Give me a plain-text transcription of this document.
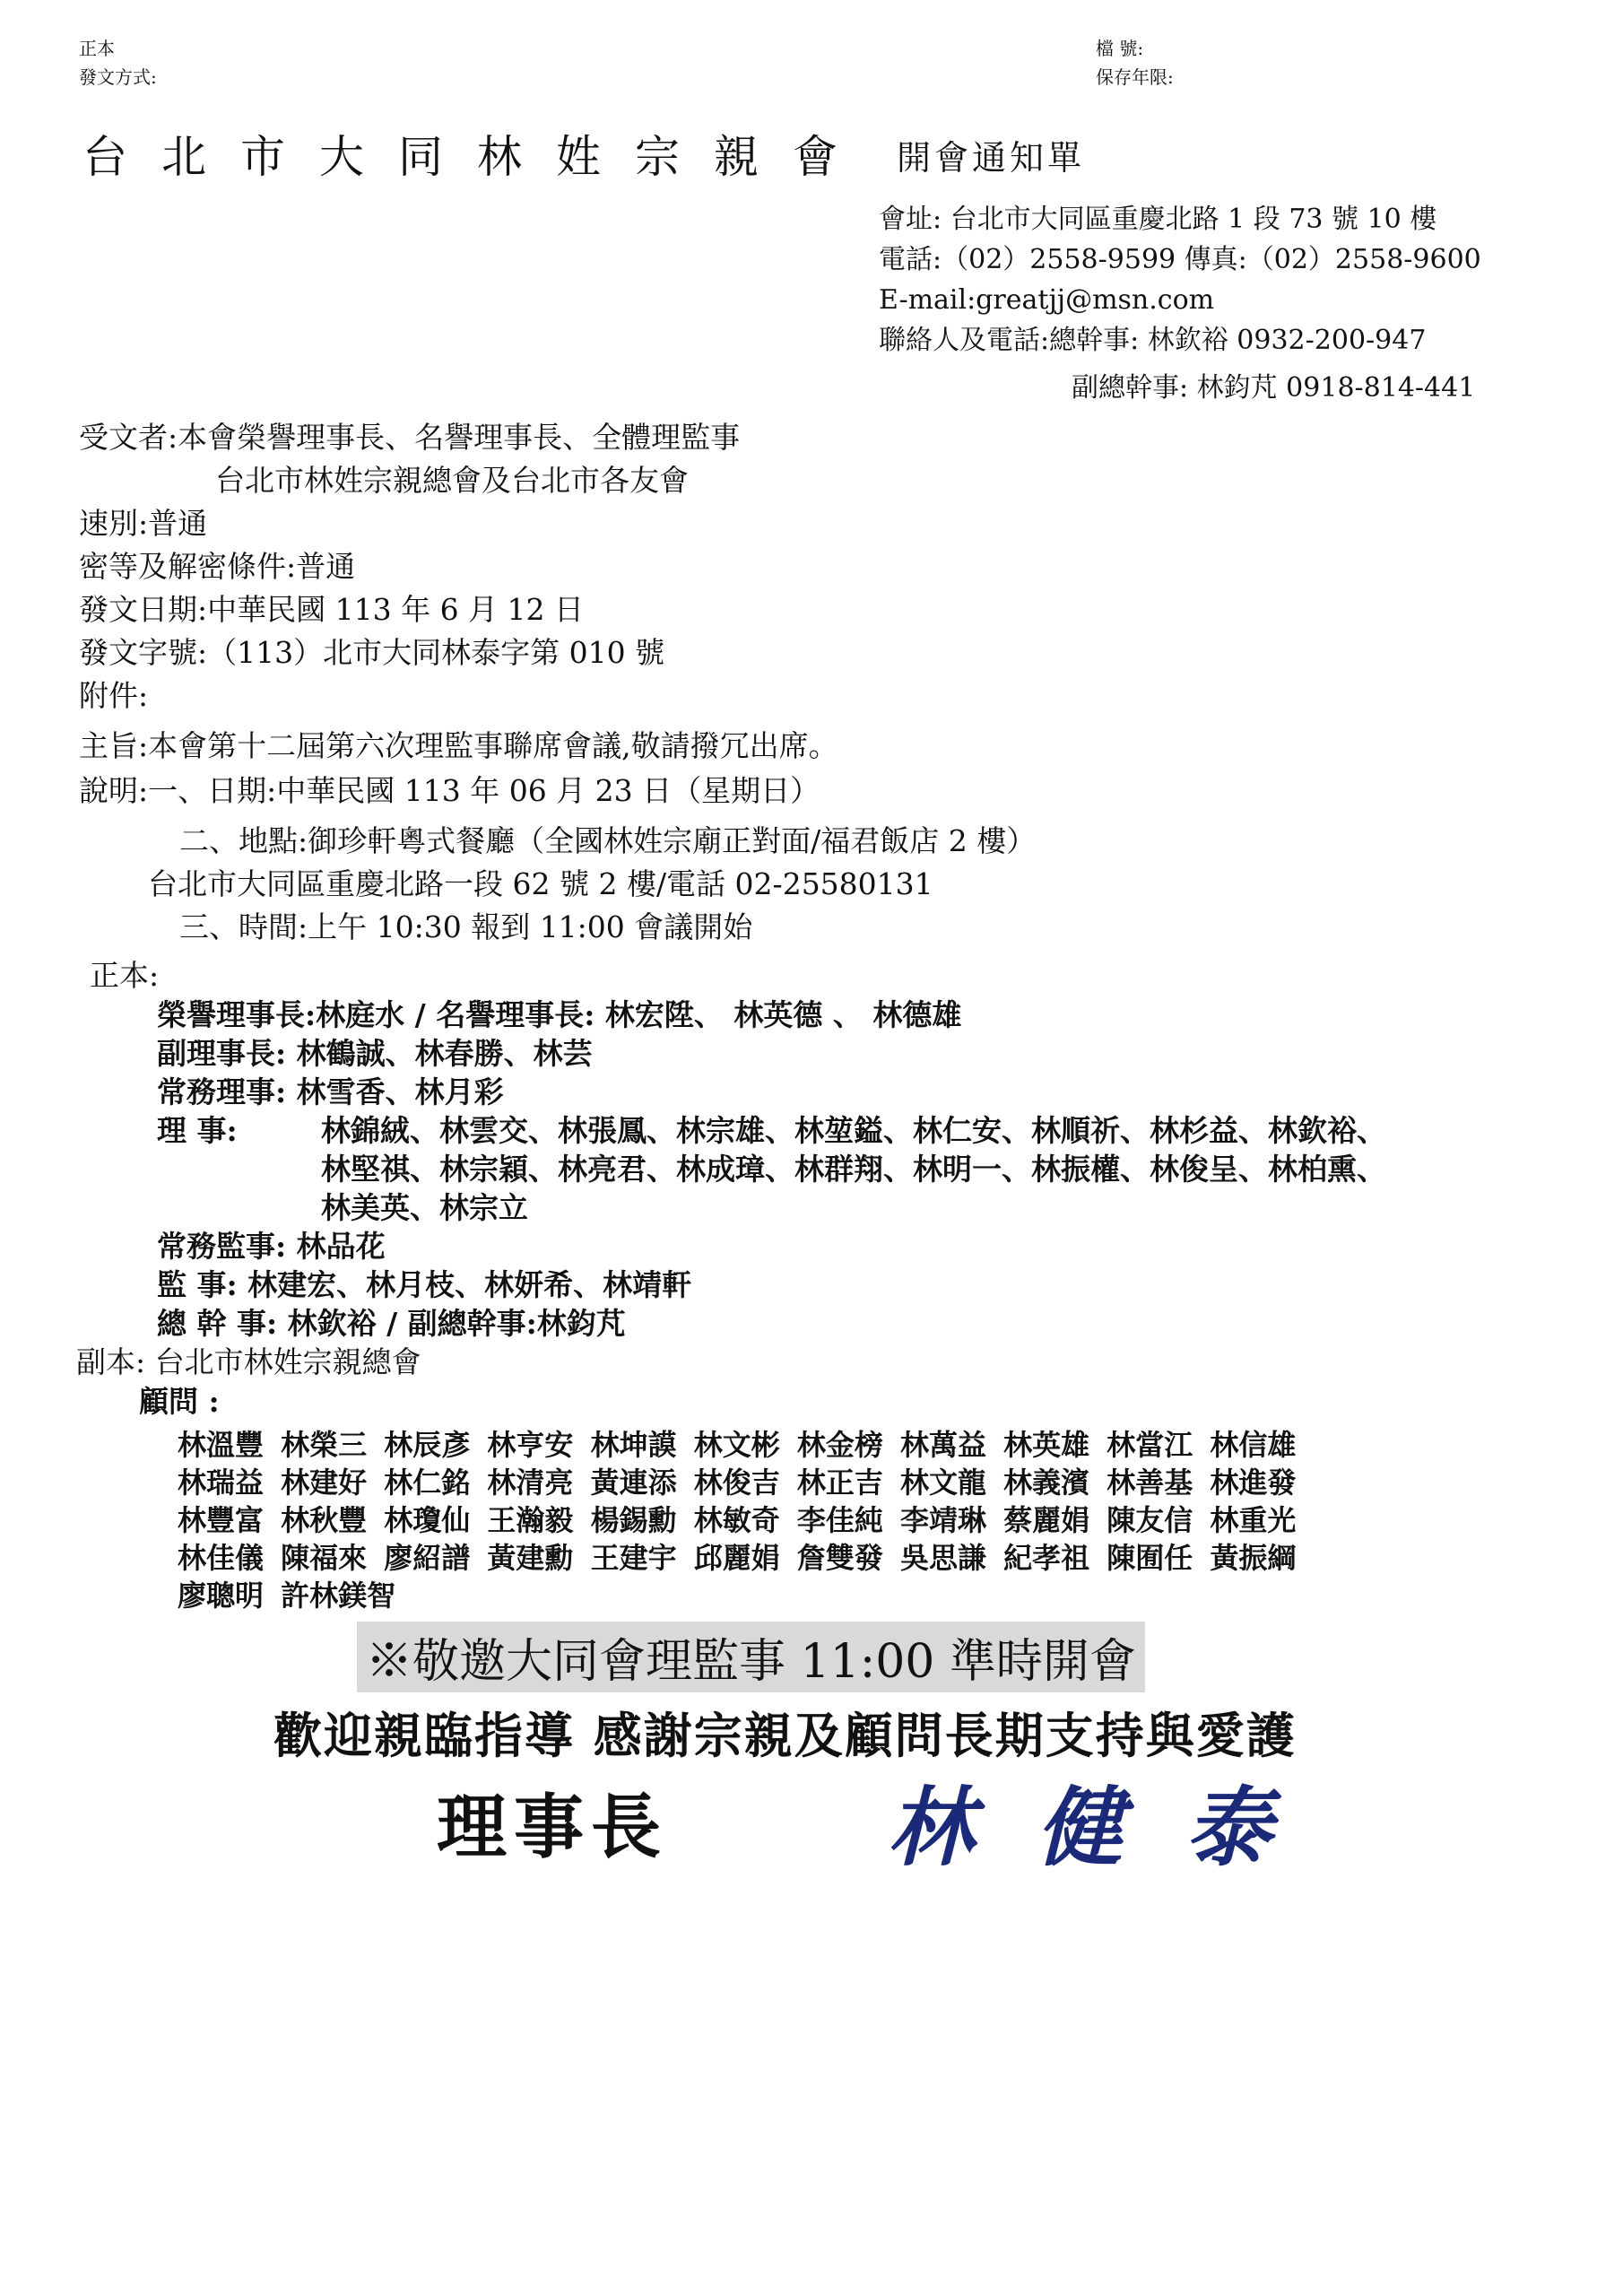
正本
發文方式:
檔 號:
保存年限:
台北市大同林姓宗親會 開會通知單
會址: 台北市大同區重慶北路 1 段 73 號 10 樓
電話:（02）2558-9599 傳真:（02）2558-9600
E-mail:greatjj@msn.com
聯絡人及電話:總幹事: 林欽裕 0932-200-947
副總幹事: 林鈞芃 0918-814-441
受文者:本會榮譽理事長、名譽理事長、全體理監事
台北市林姓宗親總會及台北市各友會
速別:普通
密等及解密條件:普通
發文日期:中華民國 113 年 6 月 12 日
發文字號:（113）北市大同林泰字第 010 號
附件:
主旨:本會第十二屆第六次理監事聯席會議,敬請撥冗出席。
說明:一、日期:中華民國 113 年 06 月 23 日（星期日）
二、地點:御珍軒粵式餐廳（全國林姓宗廟正對面/福君飯店 2 樓）
台北市大同區重慶北路一段 62 號 2 樓/電話 02-25580131
三、時間:上午 10:30 報到 11:00 會議開始
正本:
榮譽理事長:林庭水 / 名譽理事長: 林宏陞、 林英德 、 林德雄
副理事長: 林鶴誠、林春勝、林芸
常務理事: 林雪香、林月彩
理 事:	林錦絨、林雲交、林張鳳、林宗雄、林堃鎰、林仁安、林順祈、林杉益、林欽裕、
林堅祺、林宗穎、林亮君、林成璋、林群翔、林明一、林振權、林俊呈、林柏熏、
林美英、林宗立
常務監事: 林品花
監 事: 林建宏、林月枝、林妍希、林靖軒
總 幹 事: 林欽裕 / 副總幹事:林鈞芃
副本: 台北市林姓宗親總會
顧問 :
林溫豐 林榮三 林辰彥 林亨安 林坤謨 林文彬 林金榜 林萬益 林英雄 林當江 林信雄
林瑞益 林建好 林仁銘 林清亮 黃連添 林俊吉 林正吉 林文龍 林義濱 林善基 林進發
林豐富 林秋豐 林瓊仙 王瀚毅 楊錫勳 林敏奇 李佳純 李靖琳 蔡麗娟 陳友信 林重光
林佳儀 陳福來 廖紹譜 黃建勳 王建宇 邱麗娟 詹雙發 吳思謙 紀孝祖 陳囿任 黃振綱
廖聰明 許林鎂智
※敬邀大同會理監事 11:00 準時開會
歡迎親臨指導 感謝宗親及顧問長期支持與愛護
理事長	林健泰
